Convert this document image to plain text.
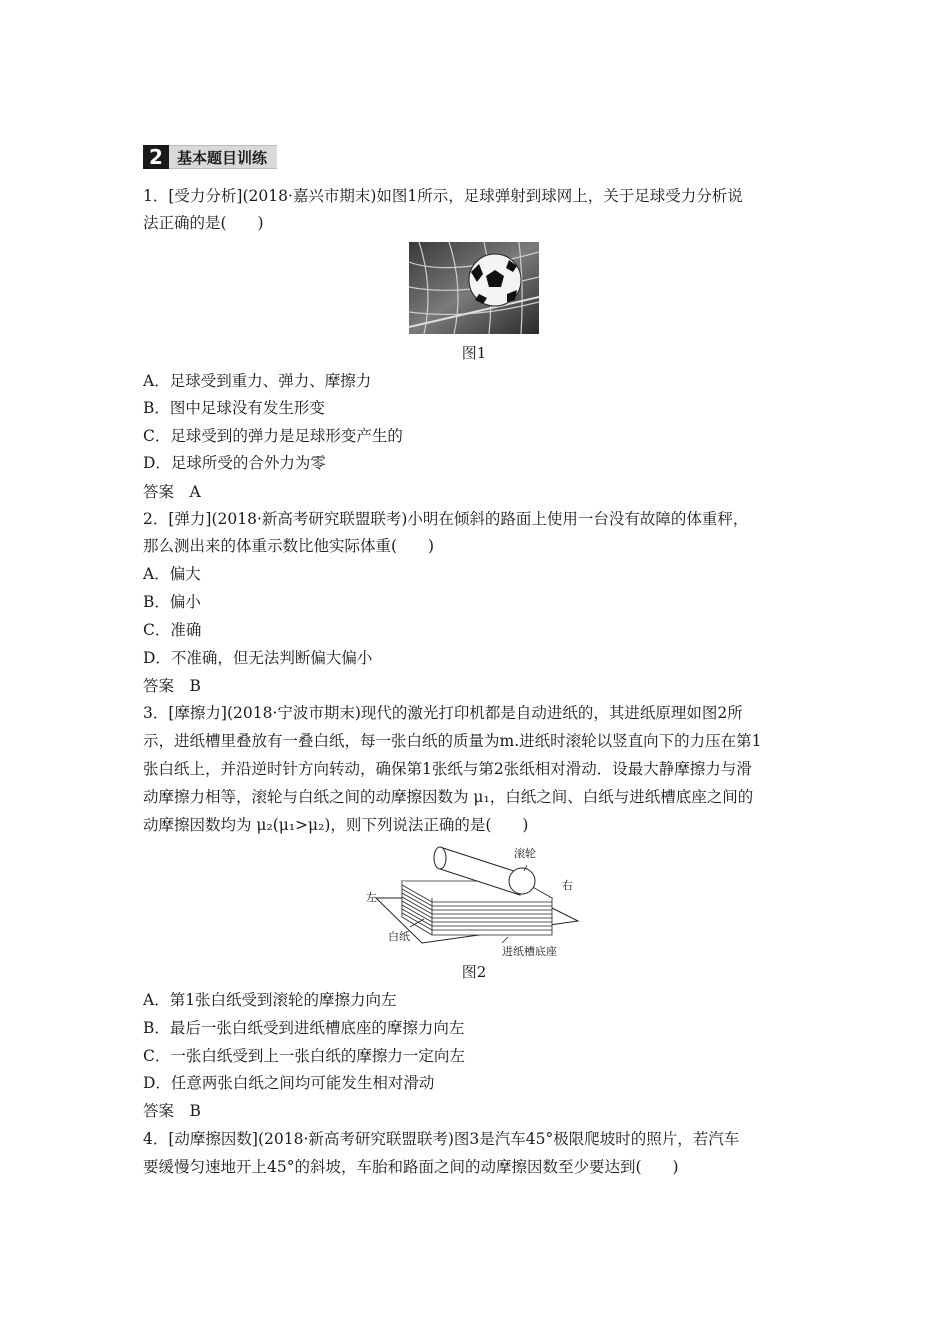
2 基本题目训练
1．[受力分析](2018·嘉兴市期末)如图1所示，足球弹射到球网上，关于足球受力分析说
法正确的是(　　)
图1
A．足球受到重力、弹力、摩擦力
B．图中足球没有发生形变
C．足球受到的弹力是足球形变产生的
D．足球所受的合外力为零
答案　A
2．[弹力](2018·新高考研究联盟联考)小明在倾斜的路面上使用一台没有故障的体重秤，
那么测出来的体重示数比他实际体重(　　)
A．偏大
B．偏小
C．准确
D．不准确，但无法判断偏大偏小
答案　B
3．[摩擦力](2018·宁波市期末)现代的激光打印机都是自动进纸的，其进纸原理如图2所
示，进纸槽里叠放有一叠白纸，每一张白纸的质量为m.进纸时滚轮以竖直向下的力压在第1
张白纸上，并沿逆时针方向转动，确保第1张纸与第2张纸相对滑动．设最大静摩擦力与滑
动摩擦力相等，滚轮与白纸之间的动摩擦因数为 μ₁，白纸之间、白纸与进纸槽底座之间的
动摩擦因数均为 μ₂(μ₁>μ₂)，则下列说法正确的是(　　)
滚轮
左
右
白纸
进纸槽底座
图2
A．第1张白纸受到滚轮的摩擦力向左
B．最后一张白纸受到进纸槽底座的摩擦力向左
C．一张白纸受到上一张白纸的摩擦力一定向左
D．任意两张白纸之间均可能发生相对滑动
答案　B
4．[动摩擦因数](2018·新高考研究联盟联考)图3是汽车45°极限爬坡时的照片，若汽车
要缓慢匀速地开上45°的斜坡，车胎和路面之间的动摩擦因数至少要达到(　　)
